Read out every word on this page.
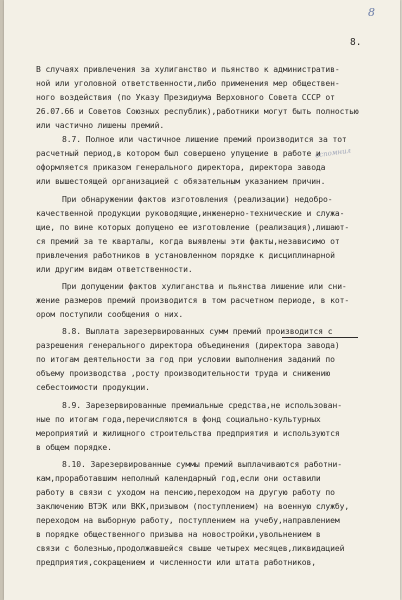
8
8.
вспомнил
В случаях привлечения за хулиганство и пьянство к административ-
ной или уголовной ответственности,либо применения мер обществен-
ного воздействия (по Указу Президиума Верховного Совета СССР от
26.07.66 и Советов Союзных республик),работники могут быть полностью
или частично лишены премий.
8.7. Полное или частичное лишение премий производится за тот
расчетный период,в котором был совершено упущение в работе и
оформляется приказом генерального директора, директора завода
или вышестоящей организацией с обязательным указанием причин.
При обнаружении фактов изготовления (реализации) недобро-
качественной продукции руководящие,инженерно-технические и служа-
щие, по вине которых допущено ее изготовление (реализация),лишают-
ся премий за те кварталы, когда выявлены эти факты,независимо от
привлечения работников в установленном порядке к дисциплинарной
или другим видам ответственности.
При допущении фактов хулиганства и пьянства лишение или сни-
жение размеров премий производится в том расчетном периоде, в кот-
ором поступили сообщения о них.
8.8. Выплата зарезервированных сумм премий производится с
разрешения генерального директора объединения (директора завода)
по итогам деятельности за год при условии выполнения заданий по
объему производства ,росту производительности труда и снижению
себестоимости продукции.
8.9. Зарезервированные премиальные средства,не использован-
ные по итогам года,перечисляются в фонд социально-культурных
мероприятий и жилищного строительства предприятия и используются
в общем порядке.
8.10. Зарезервированные суммы премий выплачиваются работни-
кам,проработавшим неполный календарный год,если они оставили
работу в связи с уходом на пенсию,переходом на другую работу по
заключению ВТЭК или ВКК,призывом (поступлением) на военную службу,
переходом на выборную работу, поступлением на учебу,направлением
в порядке общественного призыва на новостройки,увольнением в
связи с болезнью,продолжавшейся свыше четырех месяцев,ликвидацией
предприятия,сокращением и численности или штата работников,
